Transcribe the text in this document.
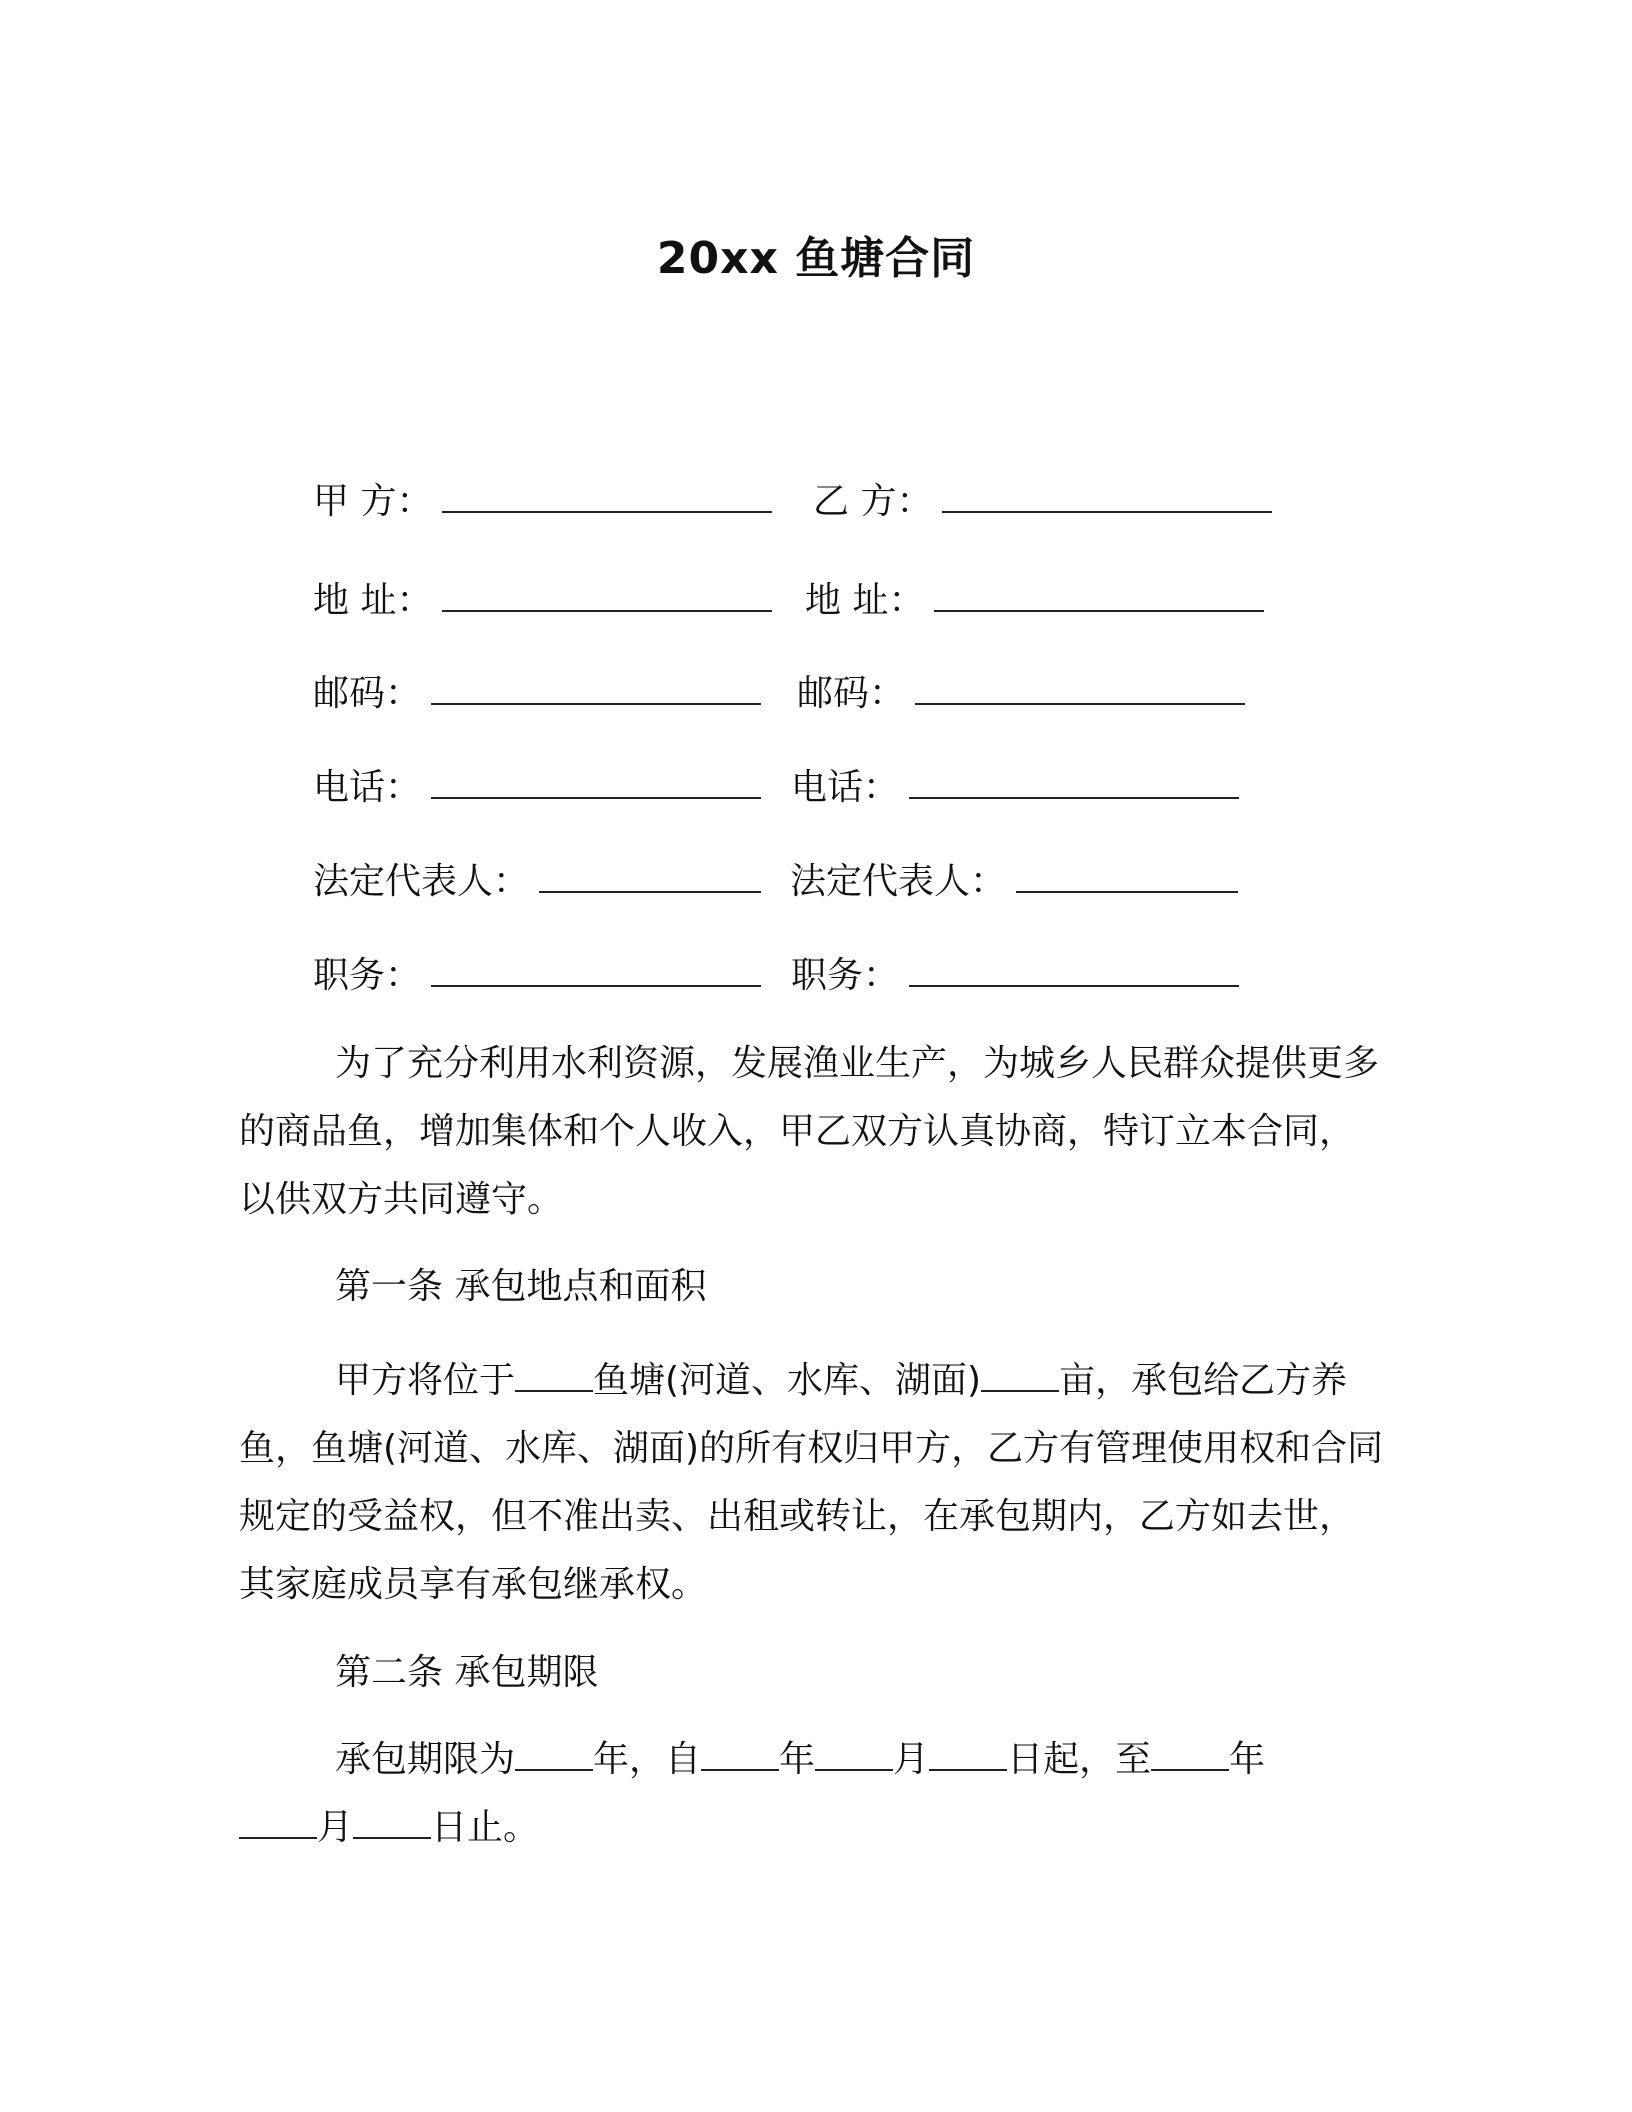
20xx 鱼塘合同
甲 方：	乙 方：
地 址：	地 址：
邮码：	邮码：
电话：	电话：
法定代表人：	法定代表人：
职务：	职务：
为了充分利用水利资源，发展渔业生产，为城乡人民群众提供更多的商品鱼，增加集体和个人收入，甲乙双方认真协商，特订立本合同，以供双方共同遵守。
第一条 承包地点和面积
甲方将位于 鱼塘(河道、水库、湖面) 亩，承包给乙方养鱼，鱼塘(河道、水库、湖面)的所有权归甲方，乙方有管理使用权和合同规定的受益权，但不准出卖、出租或转让，在承包期内，乙方如去世，其家庭成员享有承包继承权。
第二条 承包期限
承包期限为 年，自 年 月 日起，至 年
月 日止。
